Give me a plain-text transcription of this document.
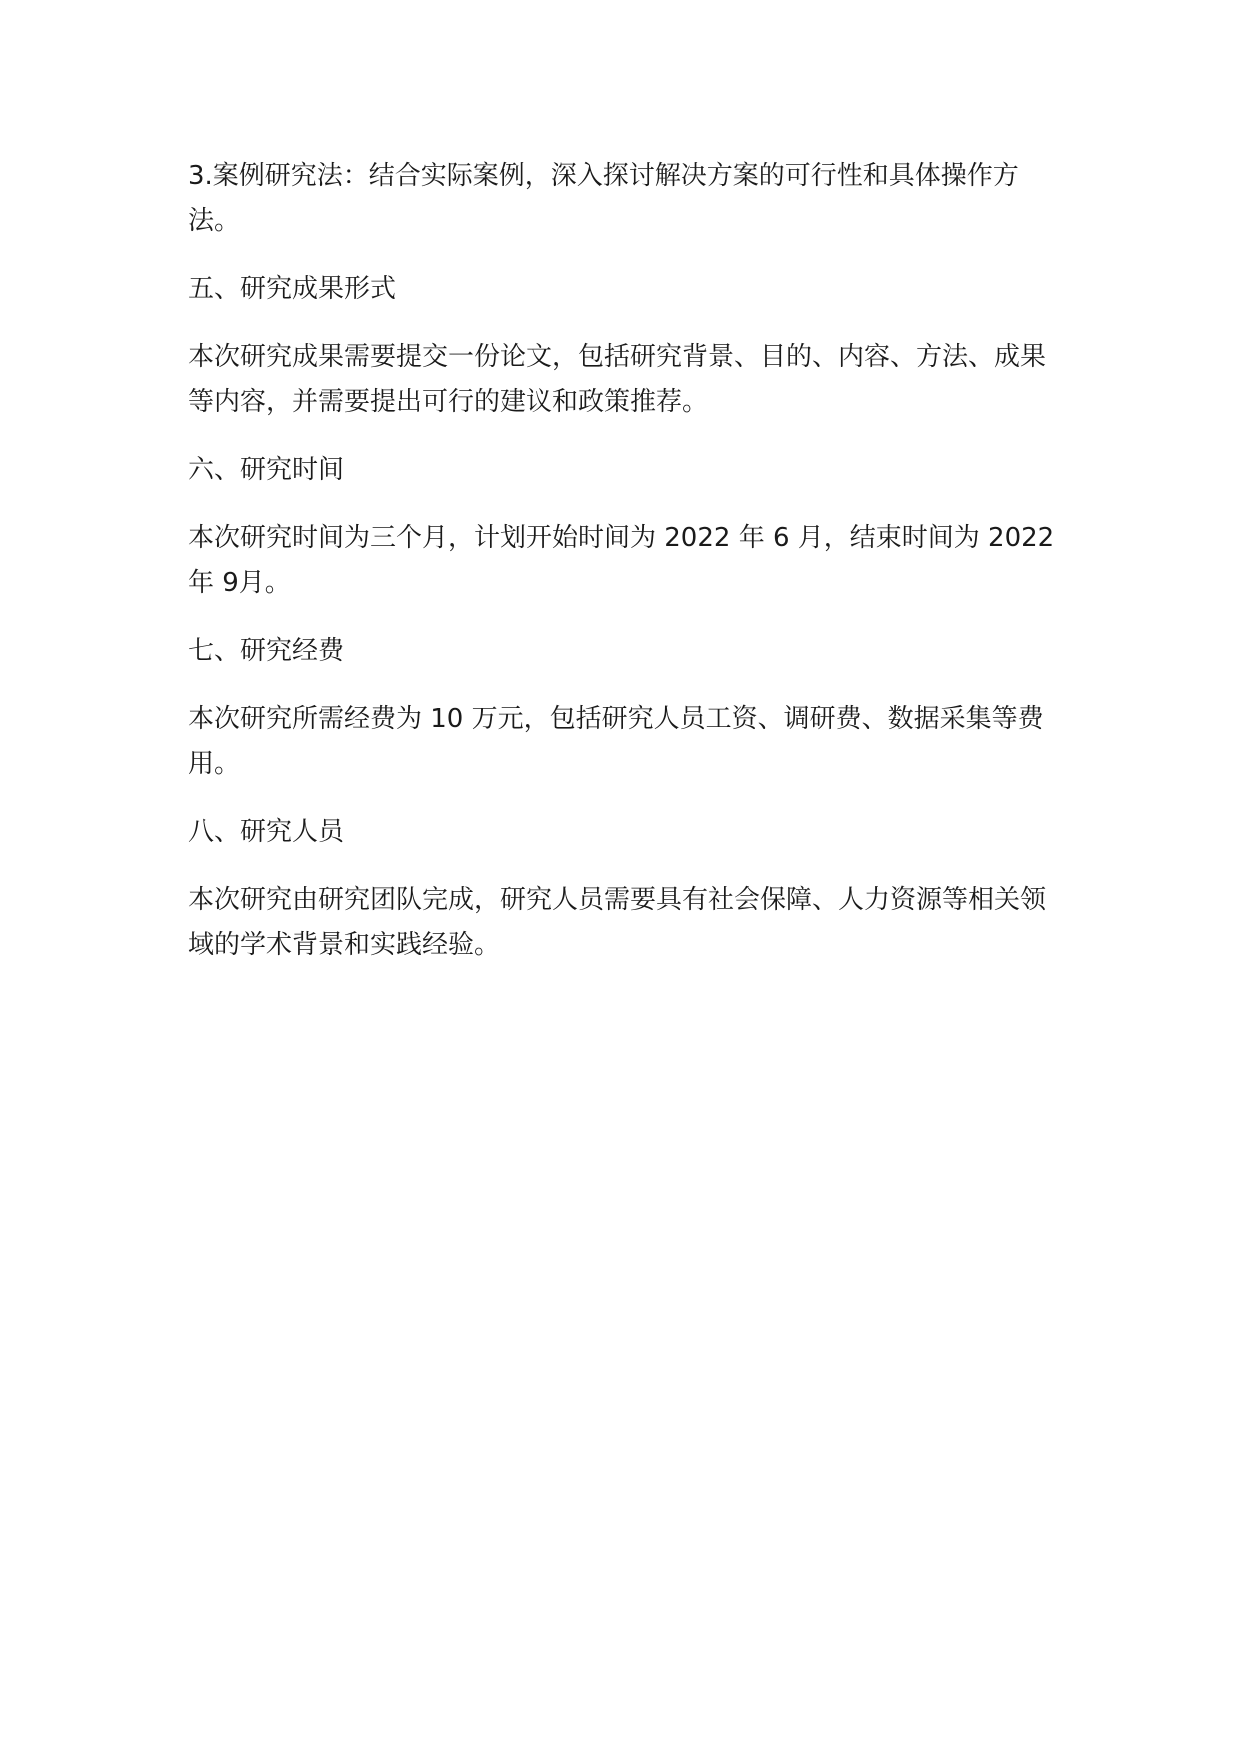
3.案例研究法：结合实际案例，深入探讨解决方案的可行性和具体操作方法。

五、研究成果形式

本次研究成果需要提交一份论文，包括研究背景、目的、内容、方法、成果等内容，并需要提出可行的建议和政策推荐。

六、研究时间

本次研究时间为三个月，计划开始时间为 2022 年 6 月，结束时间为 2022 年 9月。

七、研究经费

本次研究所需经费为 10 万元，包括研究人员工资、调研费、数据采集等费用。

八、研究人员

本次研究由研究团队完成，研究人员需要具有社会保障、人力资源等相关领域的学术背景和实践经验。
